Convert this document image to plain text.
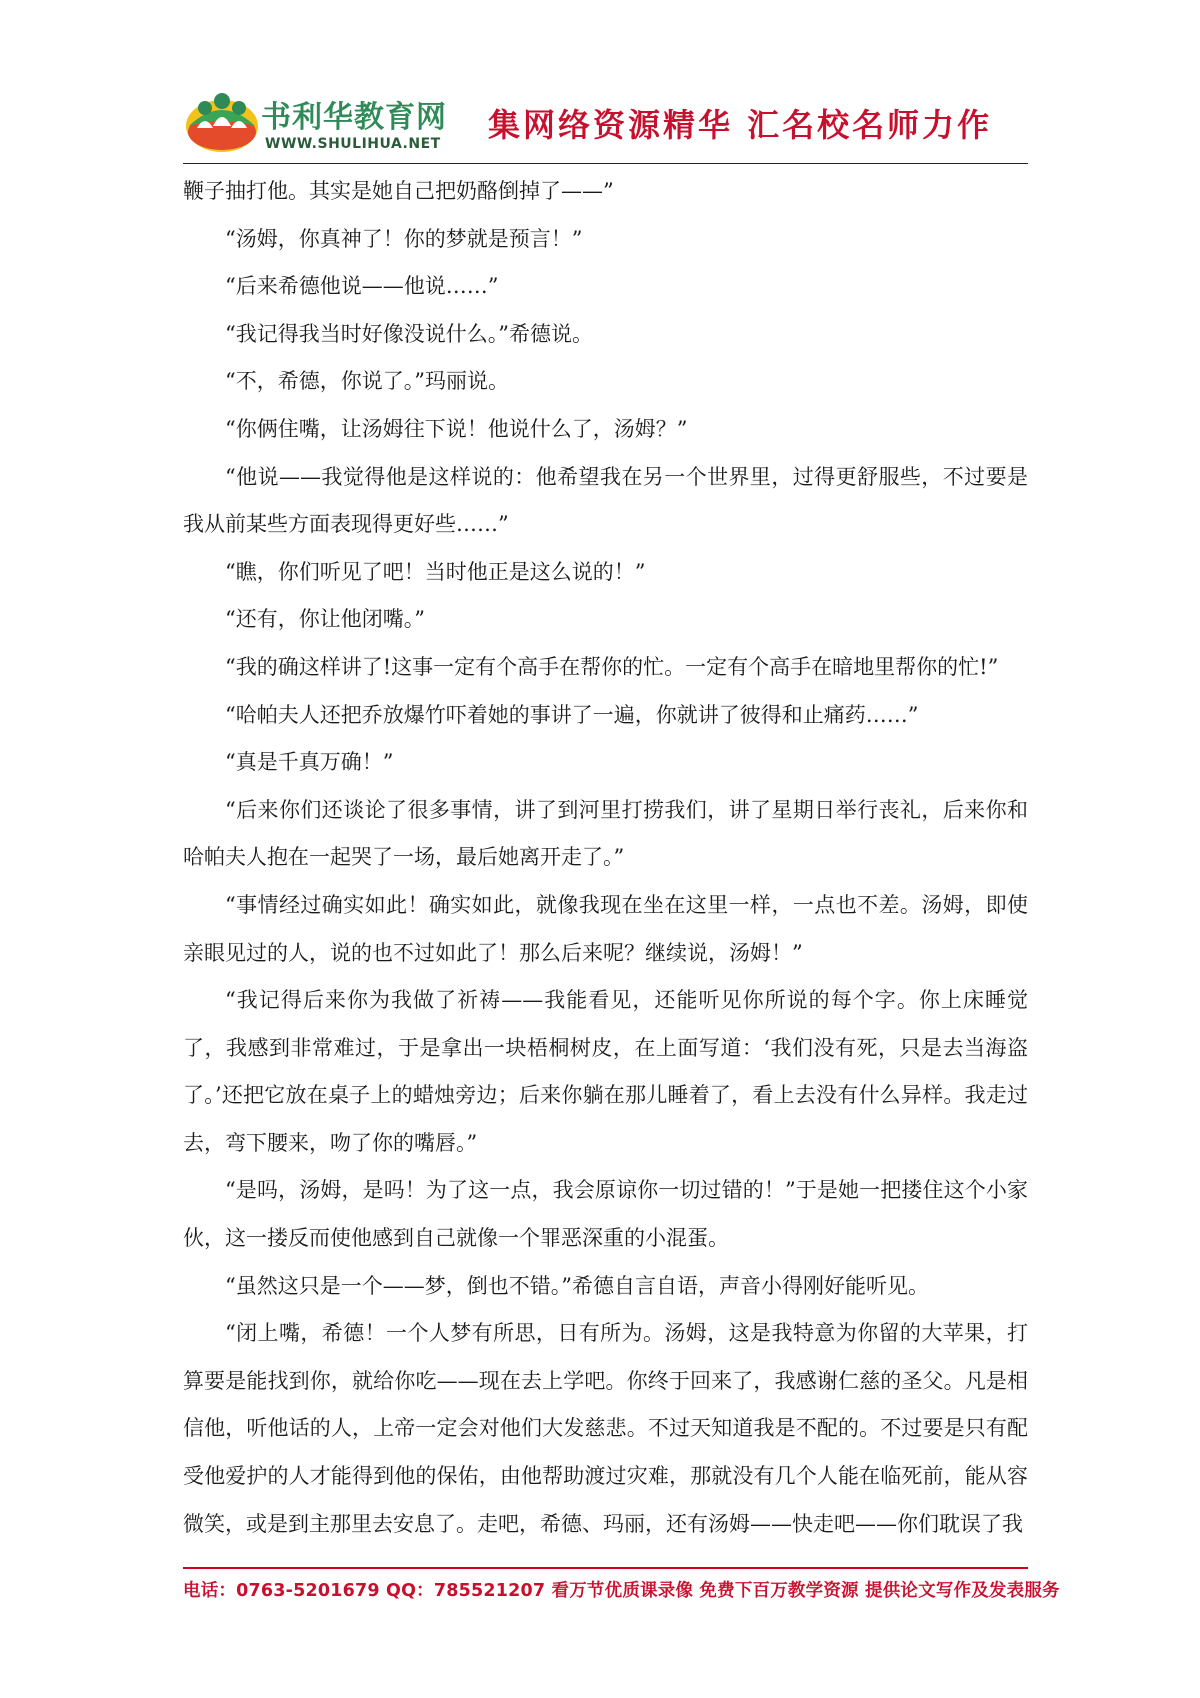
书利华教育网
WWW.SHULIHUA.NET 集网络资源精华 汇名校名师力作

鞭子抽打他。其实是她自己把奶酪倒掉了——”

“汤姆，你真神了！你的梦就是预言！”

“后来希德他说——他说……”

“我记得我当时好像没说什么。”希德说。

“不，希德，你说了。”玛丽说。

“你俩住嘴，让汤姆往下说！他说什么了，汤姆？”

“他说——我觉得他是这样说的：他希望我在另一个世界里，过得更舒服些，不过要是我从前某些方面表现得更好些……”

“瞧，你们听见了吧！当时他正是这么说的！”

“还有，你让他闭嘴。”

“我的确这样讲了!这事一定有个高手在帮你的忙。一定有个高手在暗地里帮你的忙!”

“哈帕夫人还把乔放爆竹吓着她的事讲了一遍，你就讲了彼得和止痛药……”

“真是千真万确！”

“后来你们还谈论了很多事情，讲了到河里打捞我们，讲了星期日举行丧礼，后来你和哈帕夫人抱在一起哭了一场，最后她离开走了。”

“事情经过确实如此！确实如此，就像我现在坐在这里一样，一点也不差。汤姆，即使亲眼见过的人，说的也不过如此了！那么后来呢？继续说，汤姆！”

“我记得后来你为我做了祈祷——我能看见，还能听见你所说的每个字。你上床睡觉了，我感到非常难过，于是拿出一块梧桐树皮，在上面写道：‘我们没有死，只是去当海盗了。’还把它放在桌子上的蜡烛旁边；后来你躺在那儿睡着了，看上去没有什么异样。我走过去，弯下腰来，吻了你的嘴唇。”

“是吗，汤姆，是吗！为了这一点，我会原谅你一切过错的！”于是她一把搂住这个小家伙，这一搂反而使他感到自己就像一个罪恶深重的小混蛋。

“虽然这只是一个——梦，倒也不错。”希德自言自语，声音小得刚好能听见。

“闭上嘴，希德！一个人梦有所思，日有所为。汤姆，这是我特意为你留的大苹果，打算要是能找到你，就给你吃——现在去上学吧。你终于回来了，我感谢仁慈的圣父。凡是相信他，听他话的人，上帝一定会对他们大发慈悲。不过天知道我是不配的。不过要是只有配受他爱护的人才能得到他的保佑，由他帮助渡过灾难，那就没有几个人能在临死前，能从容微笑，或是到主那里去安息了。走吧，希德、玛丽，还有汤姆——快走吧——你们耽误了我

电话：0763-5201679 QQ：785521207 看万节优质课录像 免费下百万教学资源 提供论文写作及发表服务
